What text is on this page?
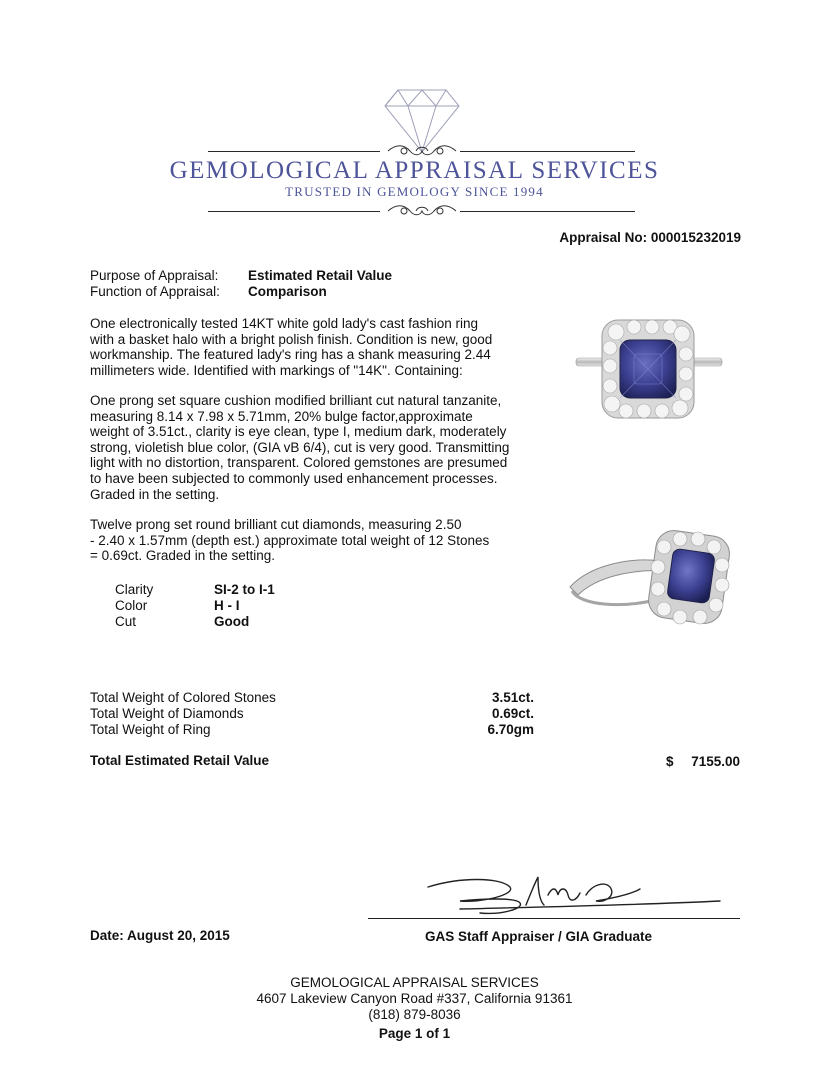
GEMOLOGICAL APPRAISAL SERVICES
TRUSTED IN GEMOLOGY SINCE 1994
Appraisal No: 000015232019
Purpose of Appraisal: Estimated Retail Value
Function of Appraisal: Comparison

One electronically tested 14KT white gold lady's cast fashion ring

with a basket halo with a bright polish finish. Condition is new, good

workmanship. The featured lady's ring has a shank measuring 2.44

millimeters wide. Identified with markings of "14K". Containing:

One prong set square cushion modified brilliant cut natural tanzanite,

measuring 8.14 x 7.98 x 5.71mm, 20% bulge factor,approximate

weight of 3.51ct., clarity is eye clean, type I, medium dark, moderately

strong, violetish blue color, (GIA vB 6/4), cut is very good. Transmitting

light with no distortion, transparent. Colored gemstones are presumed

to have been subjected to commonly used enhancement processes.

Graded in the setting.

Twelve prong set round brilliant cut diamonds, measuring 2.50

- 2.40 x 1.57mm (depth est.) approximate total weight of 12 Stones

= 0.69ct. Graded in the setting.

Clarity	SI-2 to I-1
Color	H - I
Cut	Good
Total Weight of Colored Stones	3.51ct.
Total Weight of Diamonds	0.69ct.
Total Weight of Ring	6.70gm
Total Estimated Retail Value	$ 7155.00
Date: August 20, 2015	GAS Staff Appraiser / GIA Graduate
GEMOLOGICAL APPRAISAL SERVICES
4607 Lakeview Canyon Road #337, California 91361
(818) 879-8036
Page 1 of 1
